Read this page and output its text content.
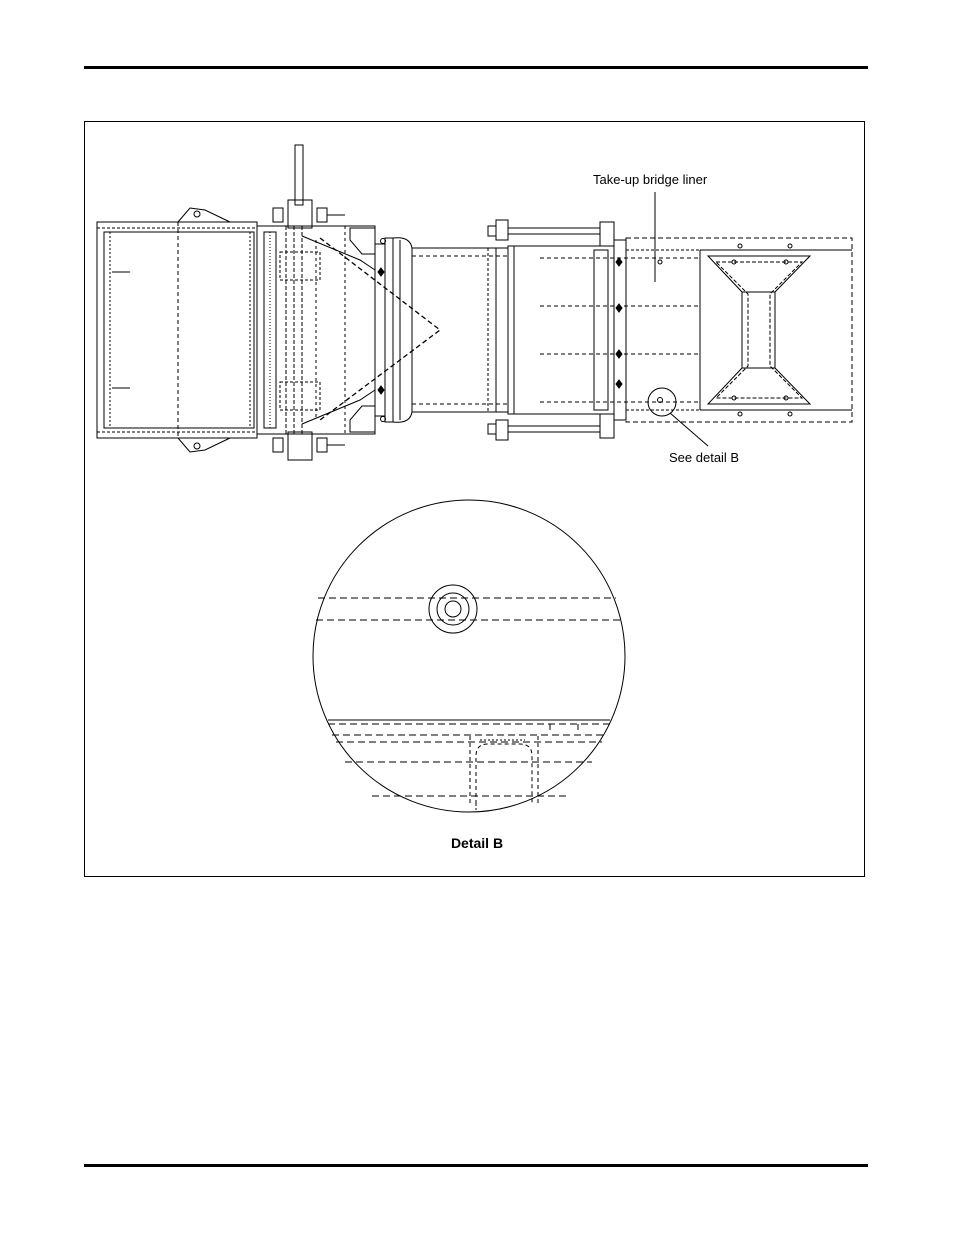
Take-up bridge liner
See detail B
Detail B
